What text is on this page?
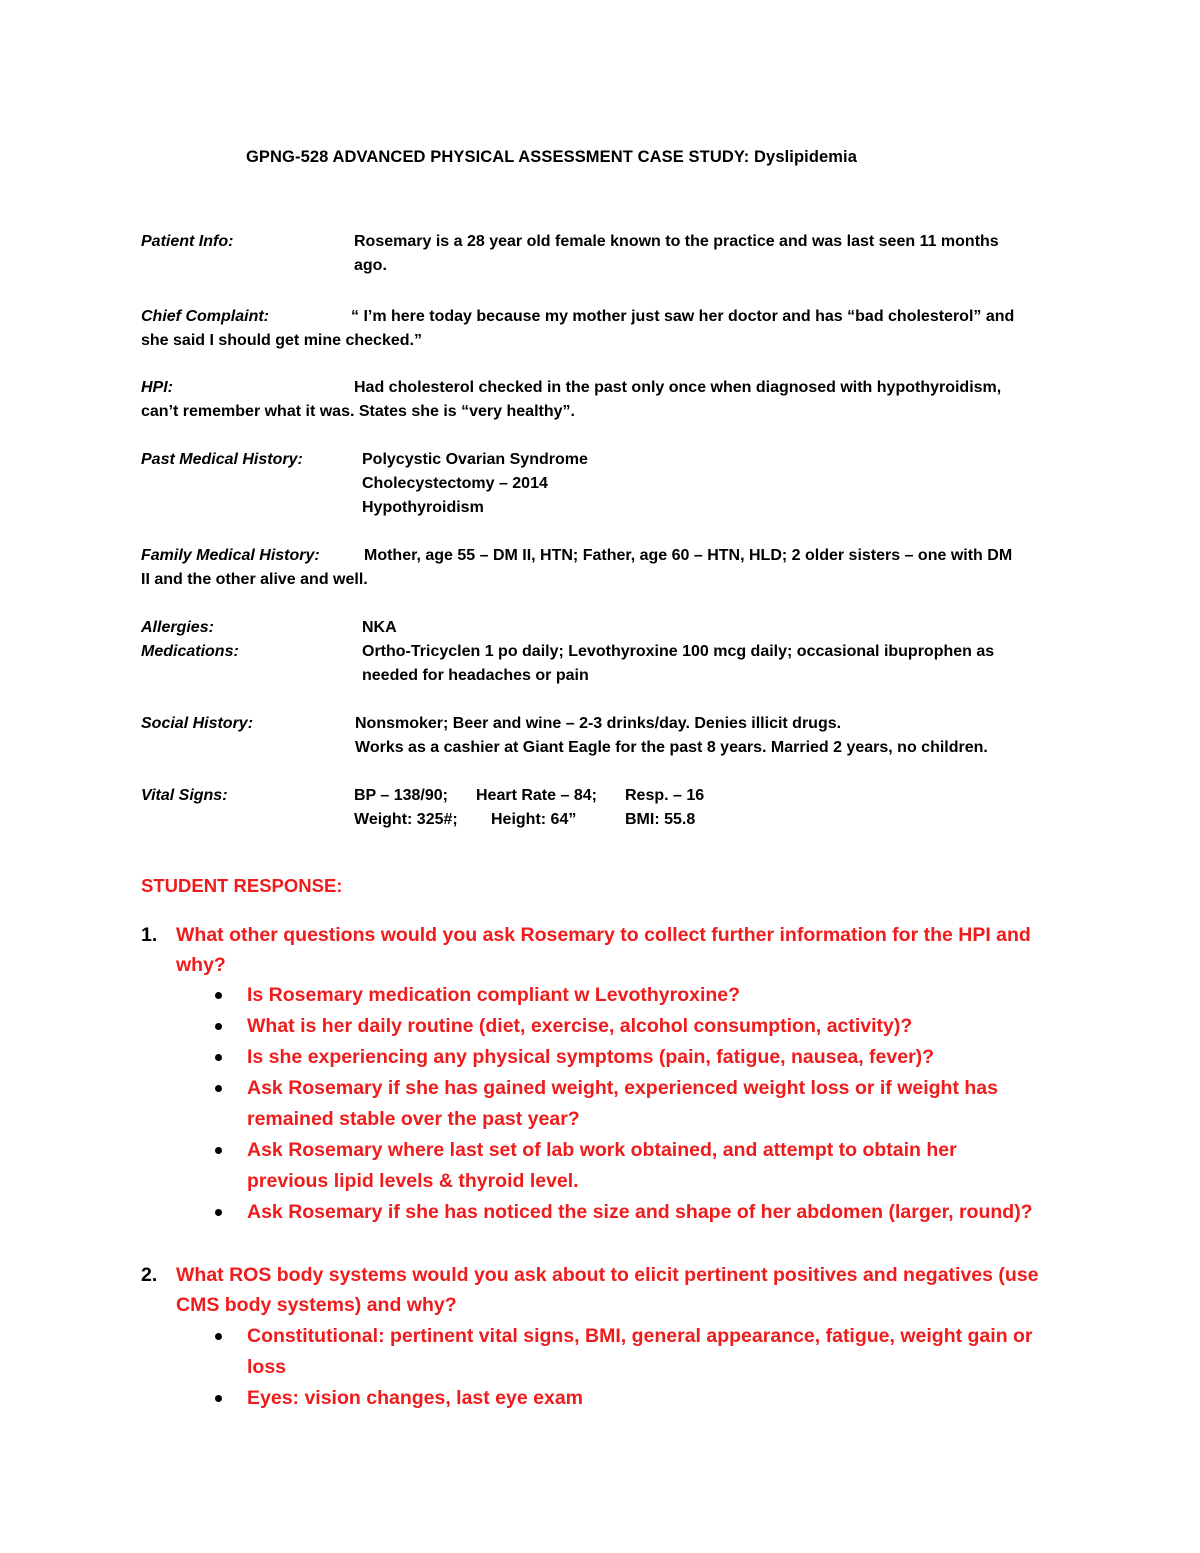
GPNG-528 ADVANCED PHYSICAL ASSESSMENT CASE STUDY: Dyslipidemia
Patient Info:	Rosemary is a 28 year old female known to the practice and was last seen 11 months
ago.
Chief Complaint:	“ I’m here today because my mother just saw her doctor and has “bad cholesterol” and
she said I should get mine checked.”
HPI:	Had cholesterol checked in the past only once when diagnosed with hypothyroidism,
can’t remember what it was. States she is “very healthy”.
Past Medical History:	Polycystic Ovarian Syndrome
Cholecystectomy – 2014
Hypothyroidism
Family Medical History:	Mother, age 55 – DM II, HTN; Father, age 60 – HTN, HLD; 2 older sisters – one with DM
II and the other alive and well.
Allergies:	NKA
Medications:	Ortho-Tricyclen 1 po daily; Levothyroxine 100 mcg daily; occasional ibuprophen as
needed for headaches or pain
Social History:	Nonsmoker; Beer and wine – 2-3 drinks/day. Denies illicit drugs.
Works as a cashier at Giant Eagle for the past 8 years. Married 2 years, no children.
Vital Signs:	BP – 138/90; Heart Rate – 84; Resp. – 16
Weight: 325#; Height: 64”	BMI: 55.8
STUDENT RESPONSE:
1. What other questions would you ask Rosemary to collect further information for the HPI and why?
Is Rosemary medication compliant w Levothyroxine?
What is her daily routine (diet, exercise, alcohol consumption, activity)?
Is she experiencing any physical symptoms (pain, fatigue, nausea, fever)?
Ask Rosemary if she has gained weight, experienced weight loss or if weight has remained stable over the past year?
Ask Rosemary where last set of lab work obtained, and attempt to obtain her previous lipid levels & thyroid level.
Ask Rosemary if she has noticed the size and shape of her abdomen (larger, round)?
2. What ROS body systems would you ask about to elicit pertinent positives and negatives (use CMS body systems) and why?
Constitutional: pertinent vital signs, BMI, general appearance, fatigue, weight gain or loss
Eyes: vision changes, last eye exam
